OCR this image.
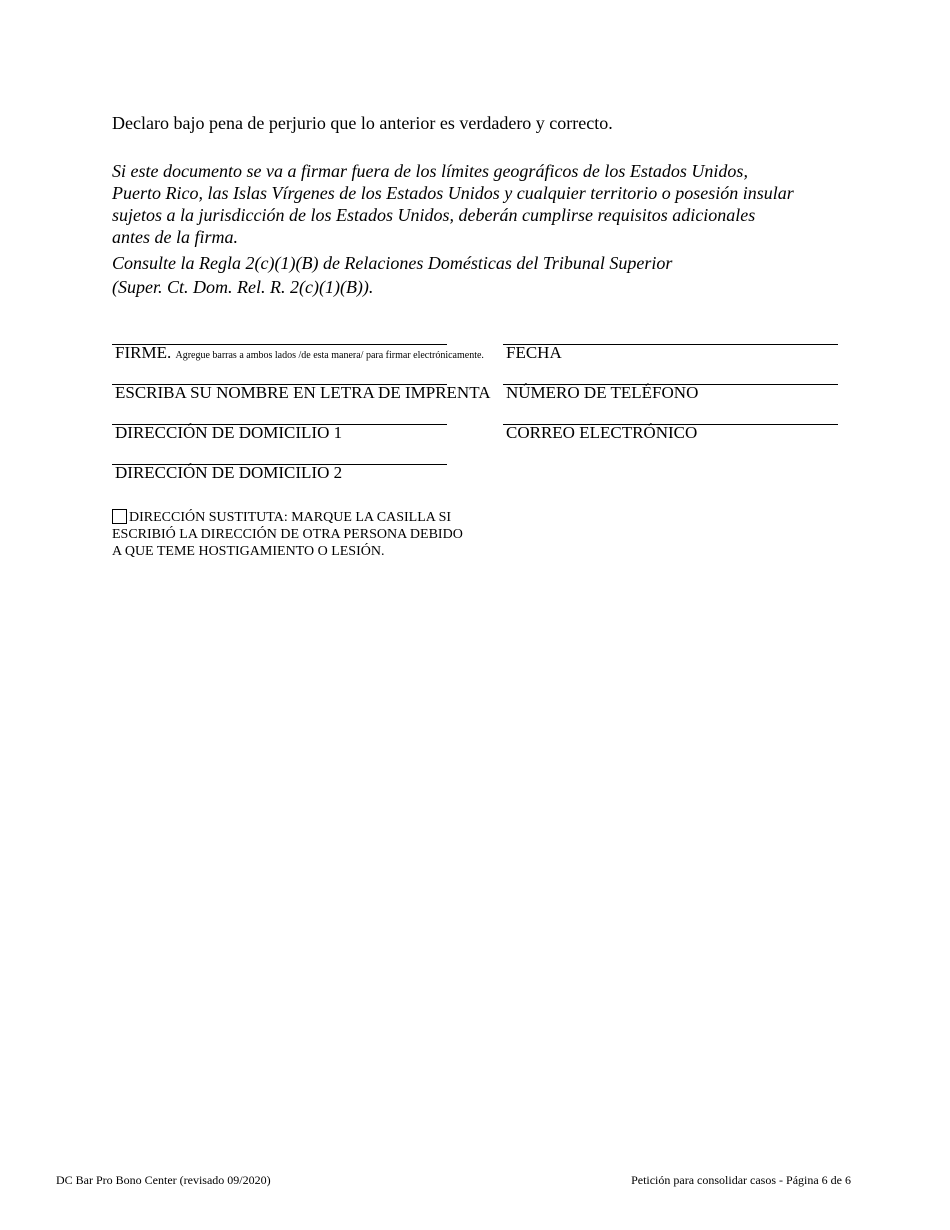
Declaro bajo pena de perjurio que lo anterior es verdadero y correcto.
Si este documento se va a firmar fuera de los límites geográficos de los Estados Unidos,
Puerto Rico, las Islas Vírgenes de los Estados Unidos y cualquier territorio o posesión insular
sujetos a la jurisdicción de los Estados Unidos, deberán cumplirse requisitos adicionales
antes de la firma.
Consulte la Regla 2(c)(1)(B) de Relaciones Domésticas del Tribunal Superior
(Super. Ct. Dom. Rel. R. 2(c)(1)(B)).
FIRME. Agregue barras a ambos lados /de esta manera/ para firmar electrónicamente. FECHA
ESCRIBA SU NOMBRE EN LETRA DE IMPRENTA NÚMERO DE TELÉFONO
DIRECCIÓN DE DOMICILIO 1	CORREO ELECTRÓNICO
DIRECCIÓN DE DOMICILIO 2
DIRECCIÓN SUSTITUTA: MARQUE LA CASILLA SI
ESCRIBIÓ LA DIRECCIÓN DE OTRA PERSONA DEBIDO
A QUE TEME HOSTIGAMIENTO O LESIÓN.
DC Bar Pro Bono Center (revisado 09/2020)	Petición para consolidar casos - Página 6 de 6
